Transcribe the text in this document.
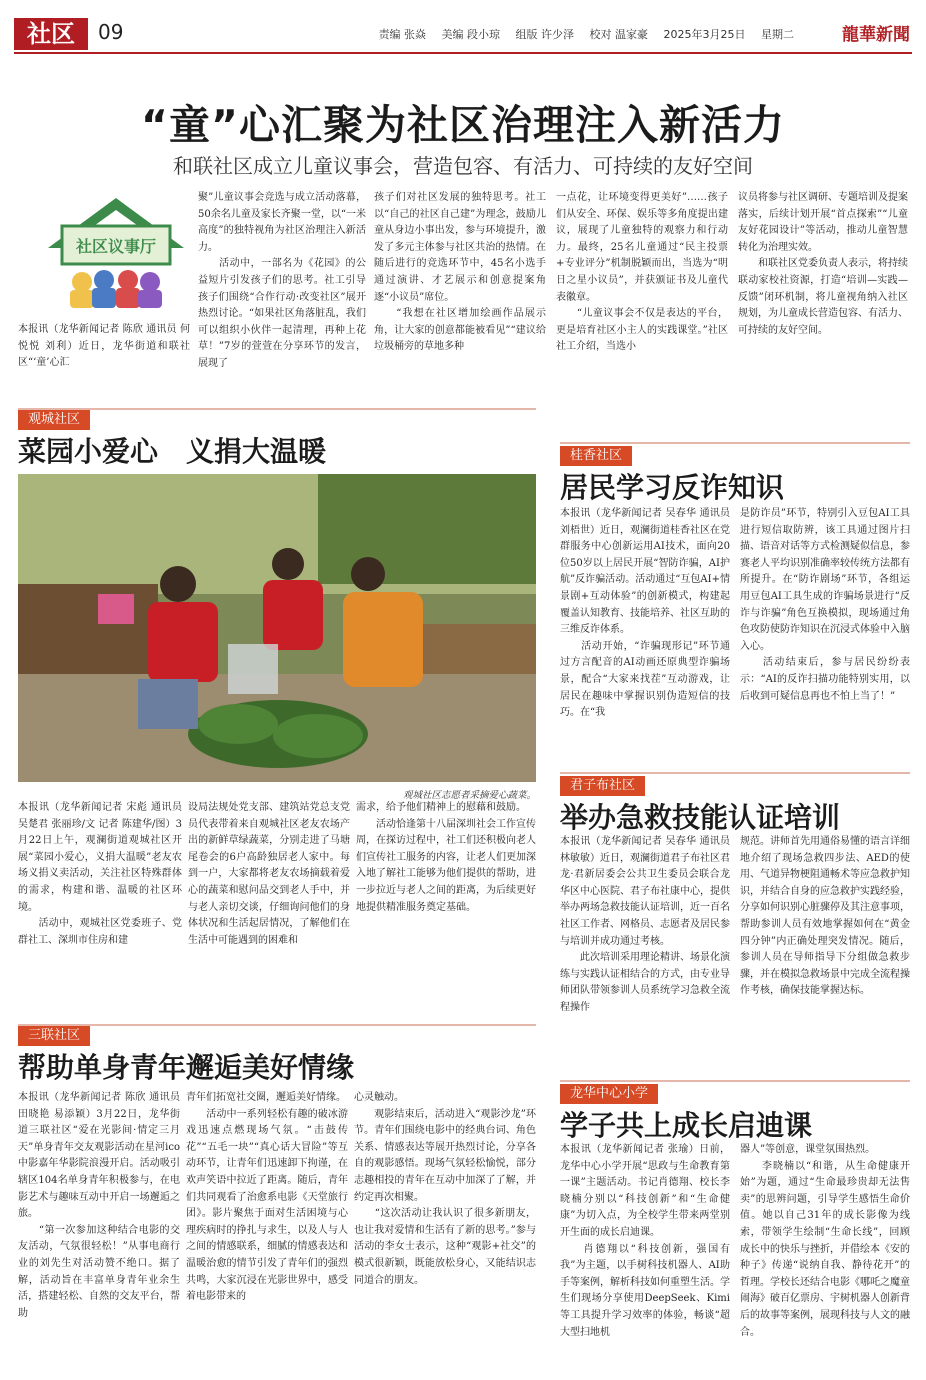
社区	09	责编 张焱 美编 段小琼 组版 许少泽 校对 温家豪 2025年3月25日 星期二	龍華新聞
“童”心汇聚为社区治理注入新活力
和联社区成立儿童议事会，营造包容、有活力、可持续的友好空间
社区议事厅
本报讯（龙华新闻记者 陈欣 通讯员 何悦悦 刘利）近日，龙华街道和联社区“‘童’心汇
聚”儿童议事会竞选与成立活动落幕，50余名儿童及家长齐聚一堂，以“一米高度”的独特视角为社区治理注入新活力。
　　活动中，一部名为《花园》的公益短片引发孩子们的思考。社工引导孩子们围绕“合作行动·改变社区”展开热烈讨论。“如果社区角落脏乱，我们可以组织小伙伴一起清理，再种上花草！”7岁的萱萱在分享环节的发言，展现了
孩子们对社区发展的独特思考。社工以“自己的社区自己建”为理念，鼓励儿童从身边小事出发，参与环境提升，激发了多元主体参与社区共治的热情。在随后进行的竞选环节中，45名小选手通过演讲、才艺展示和创意提案角逐“小议员”席位。
　　“我想在社区增加绘画作品展示角，让大家的创意都能被看见”“建议给垃圾桶旁的草地多种
一点花，让环境变得更美好”……孩子们从安全、环保、娱乐等多角度提出建议，展现了儿童独特的观察力和行动力。最终，25名儿童通过“民主投票+专业评分”机制脱颖而出，当选为“明日之星小议员”，并获颁证书及儿童代表徽章。
　　“儿童议事会不仅是表达的平台，更是培育社区小主人的实践课堂。”社区社工介绍，当选小
议员将参与社区调研、专题培训及提案落实，后续计划开展“首点探索”“儿童友好花园设计”等活动，推动儿童智慧转化为治理实效。
　　和联社区党委负责人表示，将持续联动家校社资源，打造“培训—实践—反馈”闭环机制，将儿童视角纳入社区规划，为儿童成长营造包容、有活力、可持续的友好空间。
观城社区
菜园小爱心　义捐大温暖
观城社区志愿者采摘爱心蔬菜。
本报讯（龙华新闻记者 宋彪 通讯员 吴楚君 张丽珍/文 记者 陈建华/图）3月22日上午，观澜街道观城社区开展“菜园小爱心，义捐大温暖”老友农场义捐义卖活动，关注社区特殊群体的需求，构建和谐、温暖的社区环境。
　　活动中，观城社区党委班子、党群社工、深圳市住房和建
设局法规处党支部、建筑站党总支党员代表带着来自观城社区老友农场产出的新鲜草绿蔬菜，分别走进了马塘尾卷会的6户高龄独居老人家中。每到一户，大家都将老友农场摘载着爱心的蔬菜和慰问品交到老人手中，并与老人亲切交谈，仔细询问他们的身体状况和生活起居情况，了解他们在生活中可能遇到的困难和
需求，给予他们精神上的慰藉和鼓励。
　　活动恰逢第十八届深圳社会工作宣传周，在探访过程中，社工们还积极向老人们宣传社工服务的内容，让老人们更加深入地了解社工能够为他们提供的帮助，进一步拉近与老人之间的距离，为后续更好地提供精准服务奠定基础。
桂香社区
居民学习反诈知识
本报讯（龙华新闻记者 吴春华 通讯员 刘梧世）近日，观澜街道桂香社区在党群服务中心创新运用AI技术，面向20位50岁以上居民开展“智防诈骗，AI护航”反诈骗活动。活动通过“互包AI+情景剧+互动体验”的创新模式，构建起覆盖认知教育、技能培养、社区互助的三维反诈体系。
　　活动开始，“诈骗现形记”环节通过方言配音的AI动画还原典型诈骗场景，配合“大家来找茬”互动游戏，让居民在趣味中掌握识别伪造短信的技巧。在“我
是防诈员”环节，特别引入豆包AI工具进行短信取防辨，该工具通过图片扫描、语音对话等方式检测疑似信息，参赛老人平均识别准确率较传统方法都有所提升。在“防诈剧场”环节，各组运用豆包AI工具生成的诈骗场景进行“反诈与诈骗”角色互换模拟，现场通过角色攻防使防诈知识在沉浸式体验中入脑入心。
　　活动结束后，参与居民纷纷表示：“AI的反诈扫描功能特别实用，以后收到可疑信息再也不怕上当了！”
君子布社区
举办急救技能认证培训
本报讯（龙华新闻记者 吴春华 通讯员 林敏敏）近日，观澜街道君子布社区君龙·君新居委会公共卫生委员会联合龙华区中心医院、君子布社康中心，提供举办两场急救技能认证培训，近一百名社区工作者、网格员、志愿者及居民参与培训并成功通过考核。
　　此次培训采用理论精讲、场景化演练与实践认证相结合的方式，由专业导师团队带领参训人员系统学习急救全流程操作
规范。讲师首先用通俗易懂的语言详细地介绍了现场急救四步法、AED的使用、气道异物梗阻通畅术等应急救护知识，并结合自身的应急救护实践经验，分享如何识别心脏骤停及其注意事项，帮助参训人员有效地掌握如何在“黄金四分钟”内正确处理突发情况。随后，参训人员在导师指导下分组做急救步骤，并在模拟急救场景中完成全流程操作考核，确保技能掌握达标。
三联社区
帮助单身青年邂逅美好情缘
本报讯（龙华新闻记者 陈欣 通讯员 田晓艳 易添颖）3月22日，龙华街道三联社区“爱在光影间·情定三月天”单身青年交友观影活动在星河ico中影嘉年华影院浪漫开启。活动吸引辖区104名单身青年积极参与，在电影艺术与趣味互动中开启一场邂逅之旅。
　　“第一次参加这种结合电影的交友活动，气氛很轻松！”从事电商行业的刘先生对活动赞不绝口。据了解，活动旨在丰富单身青年业余生活，搭建轻松、自然的交友平台，帮助
青年们拓宽社交圈，邂逅美好情缘。
　　活动中一系列轻松有趣的破冰游戏迅速点燃现场气氛。“击鼓传花”“五毛一块”“真心话大冒险”等互动环节，让青年们迅速卸下拘谨，在欢声笑语中拉近了距离。随后，青年们共同观看了治愈系电影《天堂旅行团》。影片聚焦于面对生活困境与心理疾病时的挣扎与求生，以及人与人之间的情感联系，细腻的情感表达和温暖治愈的情节引发了青年们的强烈共鸣，大家沉浸在光影世界中，感受着电影带来的
心灵触动。
　　观影结束后，活动进入“观影沙龙”环节。青年们围绕电影中的经典台词、角色关系、情感表达等展开热烈讨论，分享各自的观影感悟。现场气氛轻松愉悦，部分志趣相投的青年在互动中加深了了解，并约定再次相聚。
　　“这次活动让我认识了很多新朋友，也让我对爱情和生活有了新的思考。”参与活动的李女士表示，这种“观影+社交”的模式很新颖，既能放松身心，又能结识志同道合的朋友。
龙华中心小学
学子共上成长启迪课
本报讯（龙华新闻记者 张瑜）日前，龙华中心小学开展“思政与生命教育第一课”主题活动。书记肖德翔、校长李晓楠分别以“科技创新”和“生命健康”为切入点，为全校学生带来两堂别开生面的成长启迪课。
　　肖德翔以“科技创新，强国有我”为主题，以手树科技机器人、AI助手等案例，解析科技如何重塑生活。学生们现场分享使用DeepSeek、Kimi等工具提升学习效率的体验，畅谈“超大型扫地机
器人”等创意，课堂氛围热烈。
　　李晓楠以“和谐，从生命健康开始”为题，通过“生命最珍贵却无法售卖”的思辨问题，引导学生感悟生命价值。她以自己31年的成长影像为线索，带领学生绘制“生命长线”，回顾成长中的快乐与挫折，并借绘本《安的种子》传递“说纳自我、静待花开”的哲理。学校长还结合电影《哪吒之魔童闹海》破百亿票房、宇树机器人创新背后的故事等案例，展现科技与人文的融合。
